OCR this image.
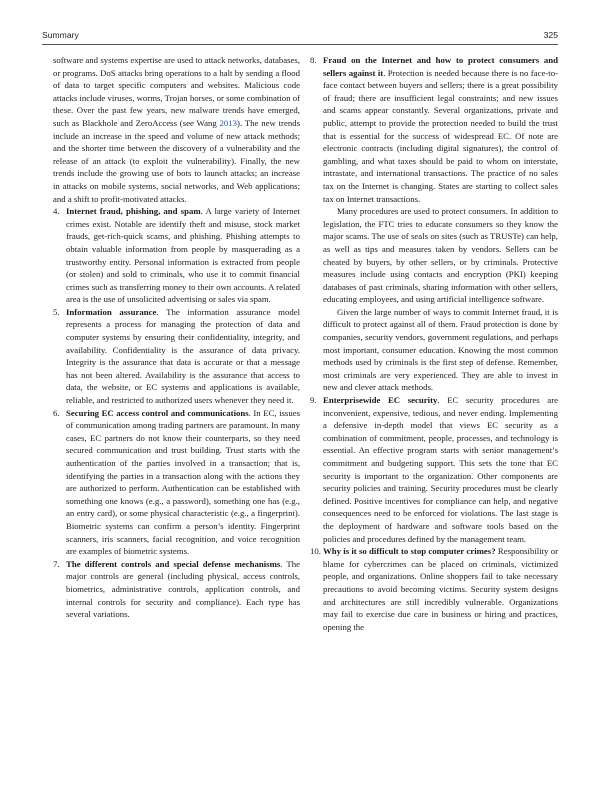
Summary	325

software and systems expertise are used to attack networks, databases, or programs. DoS attacks bring operations to a halt by sending a flood of data to target specific computers and websites. Malicious code attacks include viruses, worms, Trojan horses, or some combination of these. Over the past few years, new malware trends have emerged, such as Blackhole and ZeroAccess (see Wang 2013). The new trends include an increase in the speed and volume of new attack methods; and the shorter time between the discovery of a vulnerability and the release of an attack (to exploit the vulnerability). Finally, the new trends include the growing use of bots to launch attacks; an increase in attacks on mobile systems, social networks, and Web applications; and a shift to profit-motivated attacks.

4. Internet fraud, phishing, and spam. A large variety of Internet crimes exist. Notable are identify theft and misuse, stock market frauds, get-rich-quick scams, and phishing. Phishing attempts to obtain valuable information from people by masquerading as a trustworthy entity. Personal information is extracted from people (or stolen) and sold to criminals, who use it to commit financial crimes such as transferring money to their own accounts. A related area is the use of unsolicited advertising or sales via spam.
5. Information assurance. The information assurance model represents a process for managing the protection of data and computer systems by ensuring their confidentiality, integrity, and availability. Confidentiality is the assurance of data privacy. Integrity is the assurance that data is accurate or that a message has not been altered. Availability is the assurance that access to data, the website, or EC systems and applications is available, reliable, and restricted to authorized users whenever they need it.
6. Securing EC access control and communications. In EC, issues of communication among trading partners are paramount. In many cases, EC partners do not know their counterparts, so they need secured communication and trust building. Trust starts with the authentication of the parties involved in a transaction; that is, identifying the parties in a transaction along with the actions they are authorized to perform. Authentication can be established with something one knows (e.g., a password), something one has (e.g., an entry card), or some physical characteristic (e.g., a fingerprint). Biometric systems can confirm a person’s identity. Fingerprint scanners, iris scanners, facial recognition, and voice recognition are examples of biometric systems.
7. The different controls and special defense mechanisms. The major controls are general (including physical, access controls, biometrics, administrative controls, application controls, and internal controls for security and compliance). Each type has several variations.
8. Fraud on the Internet and how to protect consumers and sellers against it. Protection is needed because there is no face-to-face contact between buyers and sellers; there is a great possibility of fraud; there are insufficient legal constraints; and new issues and scams appear constantly. Several organizations, private and public, attempt to provide the protection needed to build the trust that is essential for the success of widespread EC. Of note are electronic contracts (including digital signatures), the control of gambling, and what taxes should be paid to whom on interstate, intrastate, and international transactions. The practice of no sales tax on the Internet is changing. States are starting to collect sales tax on Internet transactions.

Many procedures are used to protect consumers. In addition to legislation, the FTC tries to educate consumers so they know the major scams. The use of seals on sites (such as TRUSTe) can help, as well as tips and measures taken by vendors. Sellers can be cheated by buyers, by other sellers, or by criminals. Protective measures include using contacts and encryption (PKI) keeping databases of past criminals, sharing information with other sellers, educating employees, and using artificial intelligence software.

Given the large number of ways to commit Internet fraud, it is difficult to protect against all of them. Fraud protection is done by companies, security vendors, government regulations, and perhaps most important, consumer education. Knowing the most common methods used by criminals is the first step of defense. Remember, most criminals are very experienced. They are able to invest in new and clever attack methods.

9. Enterprisewide EC security. EC security procedures are inconvenient, expensive, tedious, and never ending. Implementing a defensive in-depth model that views EC security as a combination of commitment, people, processes, and technology is essential. An effective program starts with senior management’s commitment and budgeting support. This sets the tone that EC security is important to the organization. Other components are security policies and training. Security procedures must be clearly defined. Positive incentives for compliance can help, and negative consequences need to be enforced for violations. The last stage is the deployment of hardware and software tools based on the policies and procedures defined by the management team.
10. Why is it so difficult to stop computer crimes? Responsibility or blame for cybercrimes can be placed on criminals, victimized people, and organizations. Online shoppers fail to take necessary precautions to avoid becoming victims. Security system designs and architectures are still incredibly vulnerable. Organizations may fail to exercise due care in business or hiring and practices, opening the
